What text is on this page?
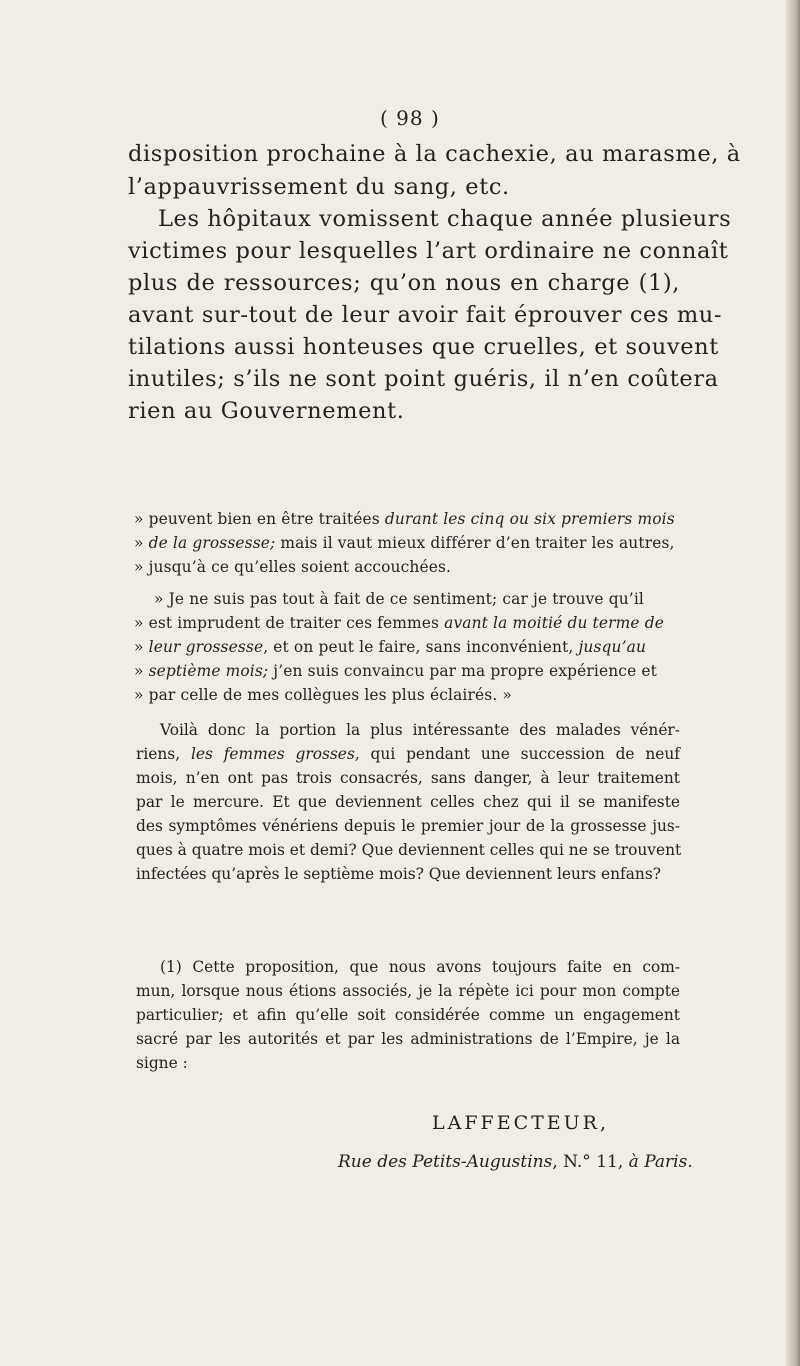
( 98 )
disposition prochaine à la cachexie, au marasme, à
l’appauvrissement du sang, etc.
Les hôpitaux vomissent chaque année plusieurs
victimes pour lesquelles l’art ordinaire ne connaît
plus de ressources; qu’on nous en charge (1),
avant sur-tout de leur avoir fait éprouver ces mu-
tilations aussi honteuses que cruelles, et souvent
inutiles; s’ils ne sont point guéris, il n’en coûtera
rien au Gouvernement.
» peuvent bien en être traitées durant les cinq ou six premiers mois
» de la grossesse; mais il vaut mieux différer d’en traiter les autres,
» jusqu’à ce qu’elles soient accouchées.
» Je ne suis pas tout à fait de ce sentiment; car je trouve qu’il
» est imprudent de traiter ces femmes avant la moitié du terme de
» leur grossesse, et on peut le faire, sans inconvénient, jusqu’au
» septième mois; j’en suis convaincu par ma propre expérience et
» par celle de mes collègues les plus éclairés. »
Voilà donc la portion la plus intéressante des malades vénér-
riens, les femmes grosses, qui pendant une succession de neuf
mois, n’en ont pas trois consacrés, sans danger, à leur traitement
par le mercure. Et que deviennent celles chez qui il se manifeste
des symptômes vénériens depuis le premier jour de la grossesse jus-
ques à quatre mois et demi? Que deviennent celles qui ne se trouvent
infectées qu’après le septième mois? Que deviennent leurs enfans?
(1) Cette proposition, que nous avons toujours faite en com-
mun, lorsque nous étions associés, je la répète ici pour mon compte
particulier; et afin qu’elle soit considérée comme un engagement
sacré par les autorités et par les administrations de l’Empire, je la
signe :
LAFFECTEUR,
Rue des Petits-Augustins, N.° 11, à Paris.
